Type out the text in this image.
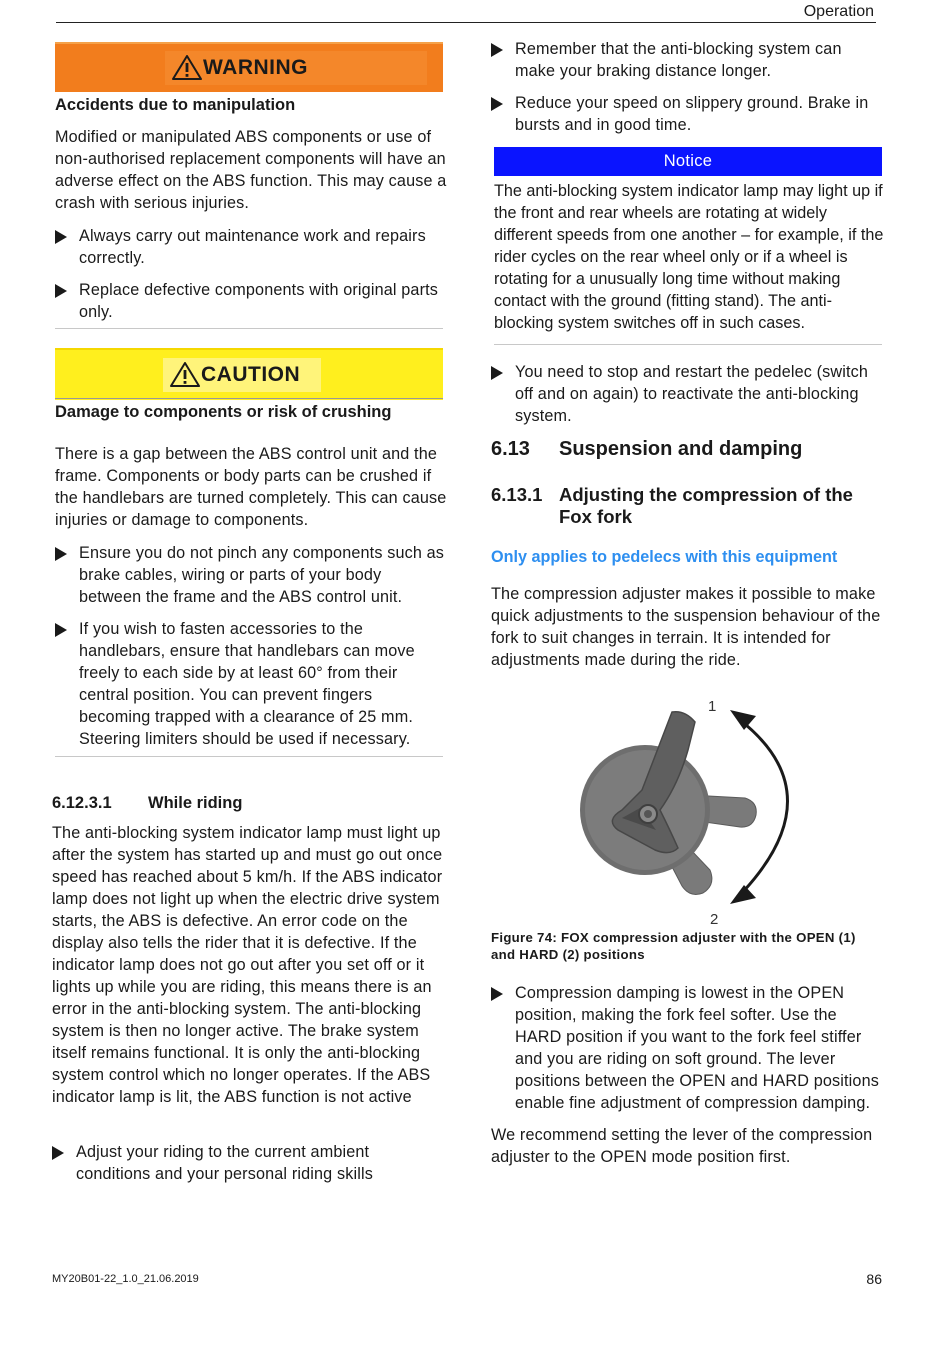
Operation
WARNING
Accidents due to manipulation

Modified or manipulated ABS components or use of non-authorised replacement components will have an adverse effect on the ABS function. This may cause a crash with serious injuries.

Always carry out maintenance work and repairs correctly.
Replace defective components with original parts only.
CAUTION
Damage to components or risk of crushing

There is a gap between the ABS control unit and the frame. Components or body parts can be crushed if the handlebars are turned completely. This can cause injuries or damage to components.

Ensure you do not pinch any components such as brake cables, wiring or parts of your body between the frame and the ABS control unit.
If you wish to fasten accessories to the handlebars, ensure that handlebars can move freely to each side by at least 60° from their central position. You can prevent fingers becoming trapped with a clearance of 25 mm. Steering limiters should be used if necessary.
6.12.3.1 While riding

The anti-blocking system indicator lamp must light up after the system has started up and must go out once speed has reached about 5 km/h. If the ABS indicator lamp does not light up when the electric drive system starts, the ABS is defective. An error code on the display also tells the rider that it is defective. If the indicator lamp does not go out after you set off or it lights up while you are riding, this means there is an error in the anti-blocking system. The anti-blocking system is then no longer active. The brake system itself remains functional. It is only the anti-blocking system control which no longer operates. If the ABS indicator lamp is lit, the ABS function is not active

Adjust your riding to the current ambient conditions and your personal riding skills
Remember that the anti-blocking system can make your braking distance longer.
Reduce your speed on slippery ground. Brake in bursts and in good time.
Notice

The anti-blocking system indicator lamp may light up if the front and rear wheels are rotating at widely different speeds from one another – for example, if the rider cycles on the rear wheel only or if a wheel is rotating for a unusually long time without making contact with the ground (fitting stand). The anti-blocking system switches off in such cases.

You need to stop and restart the pedelec (switch off and on again) to reactivate the anti-blocking system.
6.13 Suspension and damping
6.13.1 Adjusting the compression of the Fox fork
Only applies to pedelecs with this equipment

The compression adjuster makes it possible to make quick adjustments to the suspension behaviour of the fork to suit changes in terrain. It is intended for adjustments made during the ride.

1
2

Figure 74: FOX compression adjuster with the OPEN (1) and HARD (2) positions

Compression damping is lowest in the OPEN position, making the fork feel softer. Use the HARD position if you want to the fork feel stiffer and you are riding on soft ground. The lever positions between the OPEN and HARD positions enable fine adjustment of compression damping.

We recommend setting the lever of the compression adjuster to the OPEN mode position first.

MY20B01-22_1.0_21.06.2019	86
